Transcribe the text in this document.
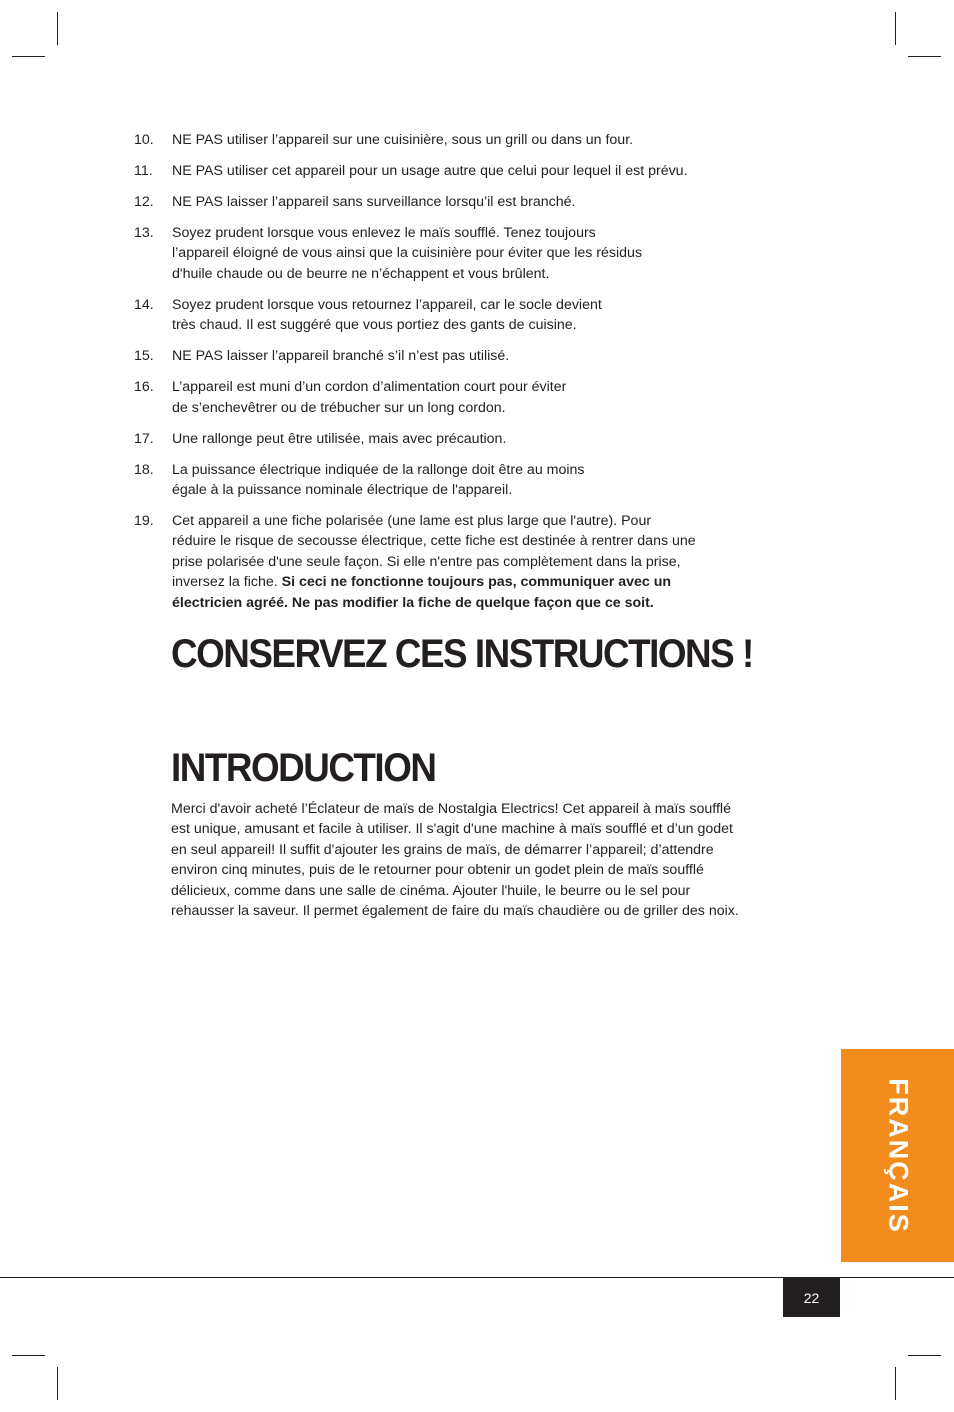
10. NE PAS utiliser l’appareil sur une cuisinière, sous un grill ou dans un four.
11. NE PAS utiliser cet appareil pour un usage autre que celui pour lequel il est prévu.
12. NE PAS laisser l’appareil sans surveillance lorsqu’il est branché.
13. Soyez prudent lorsque vous enlevez le maïs soufflé. Tenez toujours
l’appareil éloigné de vous ainsi que la cuisinière pour éviter que les résidus
d'huile chaude ou de beurre ne n’échappent et vous brûlent.
14. Soyez prudent lorsque vous retournez l’appareil, car le socle devient
très chaud. Il est suggéré que vous portiez des gants de cuisine.
15. NE PAS laisser l’appareil branché s’il n’est pas utilisé.
16. L’appareil est muni d’un cordon d’alimentation court pour éviter
de s’enchevêtrer ou de trébucher sur un long cordon.
17. Une rallonge peut être utilisée, mais avec précaution.
18. La puissance électrique indiquée de la rallonge doit être au moins
égale à la puissance nominale électrique de l'appareil.
19. Cet appareil a une fiche polarisée (une lame est plus large que l'autre). Pour
réduire le risque de secousse électrique, cette fiche est destinée à rentrer dans une
prise polarisée d'une seule façon. Si elle n'entre pas complètement dans la prise,
inversez la fiche. Si ceci ne fonctionne toujours pas, communiquer avec un
électricien agréé. Ne pas modifier la fiche de quelque façon que ce soit.
CONSERVEZ CES INSTRUCTIONS !
INTRODUCTION
Merci d'avoir acheté l’Éclateur de maïs de Nostalgia Electrics! Cet appareil à maïs soufflé
est unique, amusant et facile à utiliser. Il s'agit d'une machine à maïs soufflé et d’un godet
en seul appareil! Il suffit d'ajouter les grains de maïs, de démarrer l’appareil; d’attendre
environ cinq minutes, puis de le retourner pour obtenir un godet plein de maïs soufflé
délicieux, comme dans une salle de cinéma. Ajouter l'huile, le beurre ou le sel pour
rehausser la saveur. Il permet également de faire du maïs chaudière ou de griller des noix.
FRANÇAIS
22
